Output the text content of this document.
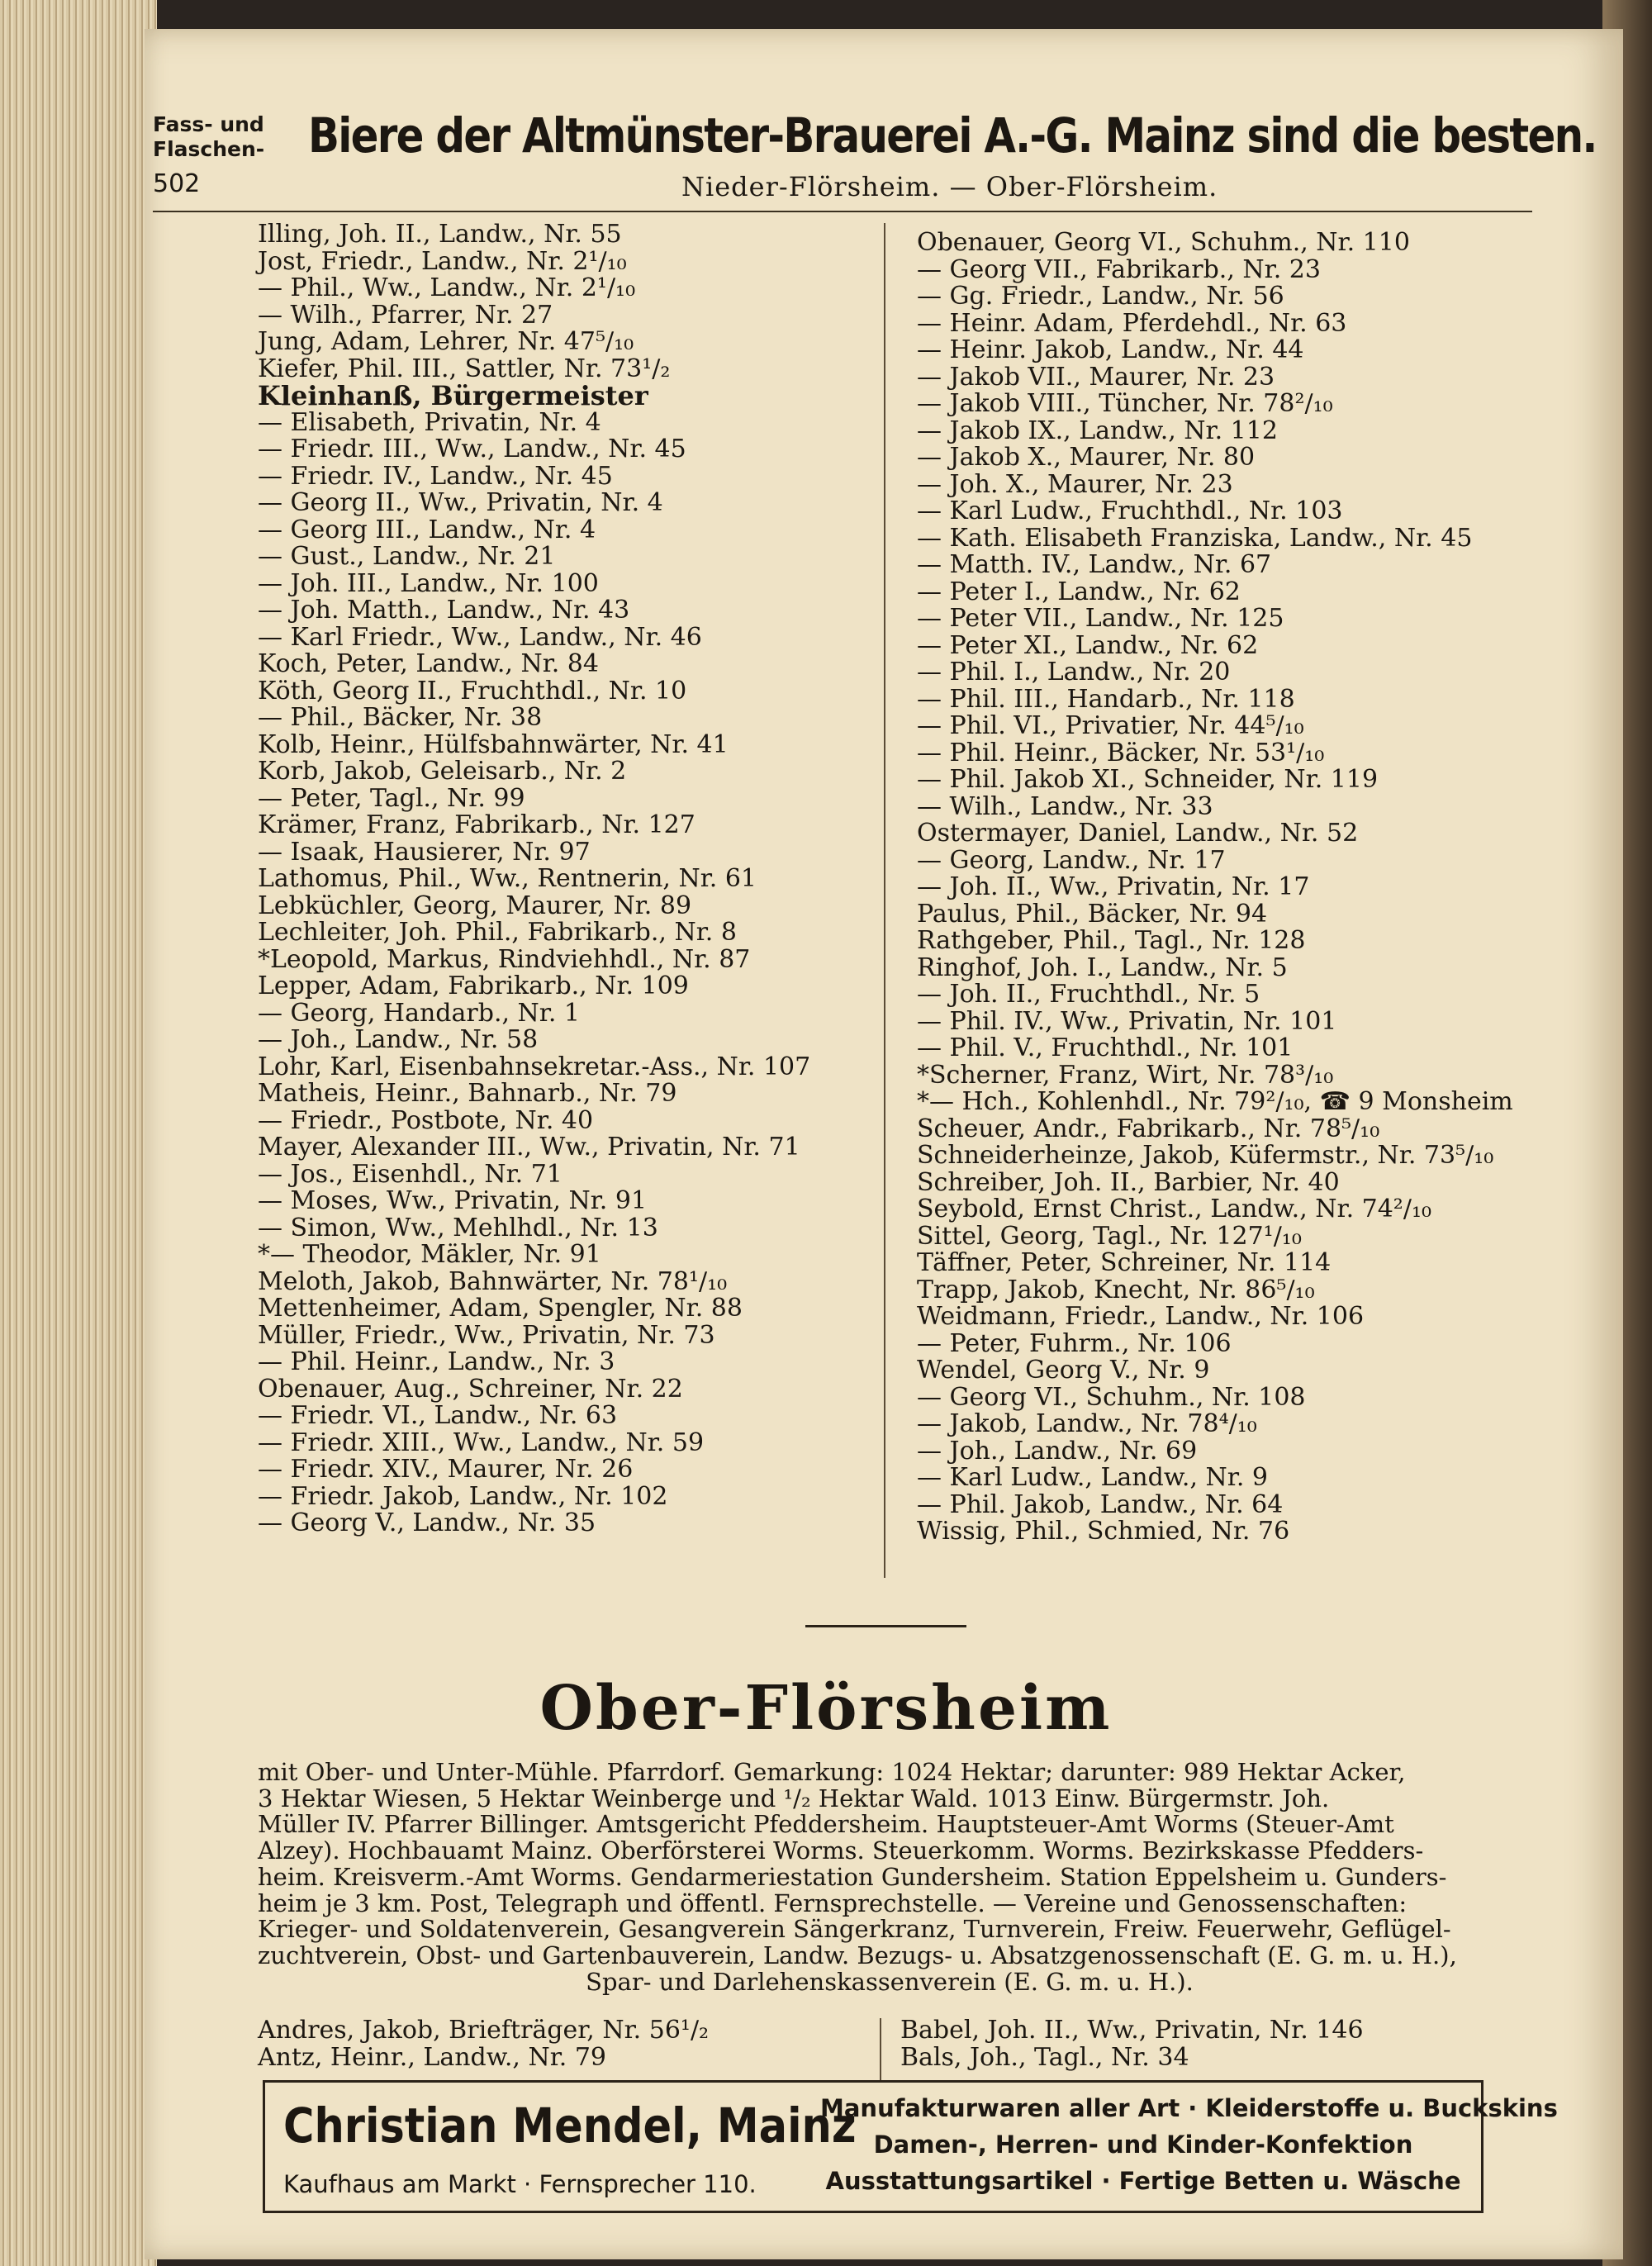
Fass- und Flaschen- Biere der Altmünster-Brauerei A.-G. Mainz sind die besten.
502	Nieder-Flörsheim. — Ober-Flörsheim.
Illing, Joh. II., Landw., Nr. 55
Jost, Friedr., Landw., Nr. 2¹/₁₀
— Phil., Ww., Landw., Nr. 2¹/₁₀
— Wilh., Pfarrer, Nr. 27
Jung, Adam, Lehrer, Nr. 47⁵/₁₀
Kiefer, Phil. III., Sattler, Nr. 73¹/₂
Kleinhanß, Bürgermeister
— Elisabeth, Privatin, Nr. 4
— Friedr. III., Ww., Landw., Nr. 45
— Friedr. IV., Landw., Nr. 45
— Georg II., Ww., Privatin, Nr. 4
— Georg III., Landw., Nr. 4
— Gust., Landw., Nr. 21
— Joh. III., Landw., Nr. 100
— Joh. Matth., Landw., Nr. 43
— Karl Friedr., Ww., Landw., Nr. 46
Koch, Peter, Landw., Nr. 84
Köth, Georg II., Fruchthdl., Nr. 10
— Phil., Bäcker, Nr. 38
Kolb, Heinr., Hülfsbahnwärter, Nr. 41
Korb, Jakob, Geleisarb., Nr. 2
— Peter, Tagl., Nr. 99
Krämer, Franz, Fabrikarb., Nr. 127
— Isaak, Hausierer, Nr. 97
Lathomus, Phil., Ww., Rentnerin, Nr. 61
Lebküchler, Georg, Maurer, Nr. 89
Lechleiter, Joh. Phil., Fabrikarb., Nr. 8
*Leopold, Markus, Rindviehhdl., Nr. 87
Lepper, Adam, Fabrikarb., Nr. 109
— Georg, Handarb., Nr. 1
— Joh., Landw., Nr. 58
Lohr, Karl, Eisenbahnsekretar.-Ass., Nr. 107
Matheis, Heinr., Bahnarb., Nr. 79
— Friedr., Postbote, Nr. 40
Mayer, Alexander III., Ww., Privatin, Nr. 71
— Jos., Eisenhdl., Nr. 71
— Moses, Ww., Privatin, Nr. 91
— Simon, Ww., Mehlhdl., Nr. 13
*— Theodor, Mäkler, Nr. 91
Meloth, Jakob, Bahnwärter, Nr. 78¹/₁₀
Mettenheimer, Adam, Spengler, Nr. 88
Müller, Friedr., Ww., Privatin, Nr. 73
— Phil. Heinr., Landw., Nr. 3
Obenauer, Aug., Schreiner, Nr. 22
— Friedr. VI., Landw., Nr. 63
— Friedr. XIII., Ww., Landw., Nr. 59
— Friedr. XIV., Maurer, Nr. 26
— Friedr. Jakob, Landw., Nr. 102
— Georg V., Landw., Nr. 35
Obenauer, Georg VI., Schuhm., Nr. 110
— Georg VII., Fabrikarb., Nr. 23
— Gg. Friedr., Landw., Nr. 56
— Heinr. Adam, Pferdehdl., Nr. 63
— Heinr. Jakob, Landw., Nr. 44
— Jakob VII., Maurer, Nr. 23
— Jakob VIII., Tüncher, Nr. 78²/₁₀
— Jakob IX., Landw., Nr. 112
— Jakob X., Maurer, Nr. 80
— Joh. X., Maurer, Nr. 23
— Karl Ludw., Fruchthdl., Nr. 103
— Kath. Elisabeth Franziska, Landw., Nr. 45
— Matth. IV., Landw., Nr. 67
— Peter I., Landw., Nr. 62
— Peter VII., Landw., Nr. 125
— Peter XI., Landw., Nr. 62
— Phil. I., Landw., Nr. 20
— Phil. III., Handarb., Nr. 118
— Phil. VI., Privatier, Nr. 44⁵/₁₀
— Phil. Heinr., Bäcker, Nr. 53¹/₁₀
— Phil. Jakob XI., Schneider, Nr. 119
— Wilh., Landw., Nr. 33
Ostermayer, Daniel, Landw., Nr. 52
— Georg, Landw., Nr. 17
— Joh. II., Ww., Privatin, Nr. 17
Paulus, Phil., Bäcker, Nr. 94
Rathgeber, Phil., Tagl., Nr. 128
Ringhof, Joh. I., Landw., Nr. 5
— Joh. II., Fruchthdl., Nr. 5
— Phil. IV., Ww., Privatin, Nr. 101
— Phil. V., Fruchthdl., Nr. 101
*Scherner, Franz, Wirt, Nr. 78³/₁₀
*— Hch., Kohlenhdl., Nr. 79²/₁₀, ☎ 9 Monsheim
Scheuer, Andr., Fabrikarb., Nr. 78⁵/₁₀
Schneiderheinze, Jakob, Küfermstr., Nr. 73⁵/₁₀
Schreiber, Joh. II., Barbier, Nr. 40
Seybold, Ernst Christ., Landw., Nr. 74²/₁₀
Sittel, Georg, Tagl., Nr. 127¹/₁₀
Täffner, Peter, Schreiner, Nr. 114
Trapp, Jakob, Knecht, Nr. 86⁵/₁₀
Weidmann, Friedr., Landw., Nr. 106
— Peter, Fuhrm., Nr. 106
Wendel, Georg V., Nr. 9
— Georg VI., Schuhm., Nr. 108
— Jakob, Landw., Nr. 78⁴/₁₀
— Joh., Landw., Nr. 69
— Karl Ludw., Landw., Nr. 9
— Phil. Jakob, Landw., Nr. 64
Wissig, Phil., Schmied, Nr. 76
Ober-Flörsheim
mit Ober- und Unter-Mühle. Pfarrdorf. Gemarkung: 1024 Hektar; darunter: 989 Hektar Acker,
3 Hektar Wiesen, 5 Hektar Weinberge und ¹/₂ Hektar Wald. 1013 Einw. Bürgermstr. Joh.
Müller IV. Pfarrer Billinger. Amtsgericht Pfeddersheim. Hauptsteuer-Amt Worms (Steuer-Amt
Alzey). Hochbauamt Mainz. Oberförsterei Worms. Steuerkomm. Worms. Bezirkskasse Pfedders-
heim. Kreisverm.-Amt Worms. Gendarmeriestation Gundersheim. Station Eppelsheim u. Gunders-
heim je 3 km. Post, Telegraph und öffentl. Fernsprechstelle. — Vereine und Genossenschaften:
Krieger- und Soldatenverein, Gesangverein Sängerkranz, Turnverein, Freiw. Feuerwehr, Geflügel-
zuchtverein, Obst- und Gartenbauverein, Landw. Bezugs- u. Absatzgenossenschaft (E. G. m. u. H.),
Spar- und Darlehenskassenverein (E. G. m. u. H.).
Andres, Jakob, Briefträger, Nr. 56¹/₂
Antz, Heinr., Landw., Nr. 79
Babel, Joh. II., Ww., Privatin, Nr. 146
Bals, Joh., Tagl., Nr. 34
Christian Mendel, Mainz
Kaufhaus am Markt · Fernsprecher 110.
Manufakturwaren aller Art · Kleiderstoffe u. Buckskins
Damen-, Herren- und Kinder-Konfektion
Ausstattungsartikel · Fertige Betten u. Wäsche
